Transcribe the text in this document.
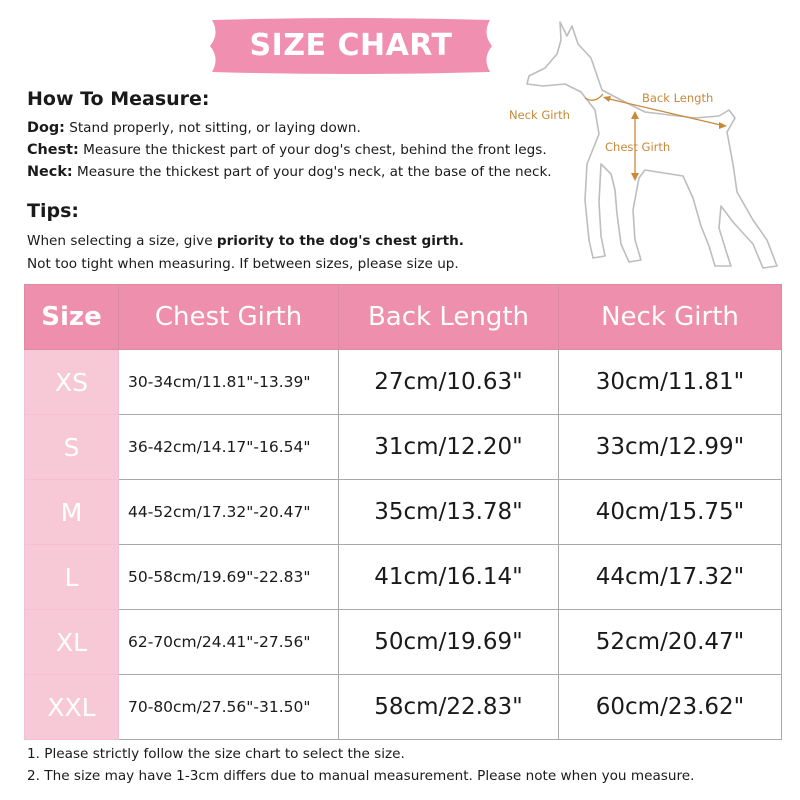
SIZE CHART
How To Measure:
Dog: Stand properly, not sitting, or laying down.
Chest: Measure the thickest part of your dog's chest, behind the front legs.
Neck: Measure the thickest part of your dog's neck, at the base of the neck.
Tips:
When selecting a size, give priority to the dog's chest girth.
Not too tight when measuring. If between sizes, please size up.
Neck Girth
Back Length
Chest Girth
Size	Chest Girth	Back Length	Neck Girth
XS	30-34cm/11.81"-13.39"	27cm/10.63"	30cm/11.81"
S	36-42cm/14.17"-16.54"	31cm/12.20"	33cm/12.99"
M	44-52cm/17.32"-20.47"	35cm/13.78"	40cm/15.75"
L	50-58cm/19.69"-22.83"	41cm/16.14"	44cm/17.32"
XL	62-70cm/24.41"-27.56"	50cm/19.69"	52cm/20.47"
XXL	70-80cm/27.56"-31.50"	58cm/22.83"	60cm/23.62"
1. Please strictly follow the size chart to select the size.
2. The size may have 1-3cm differs due to manual measurement. Please note when you measure.
